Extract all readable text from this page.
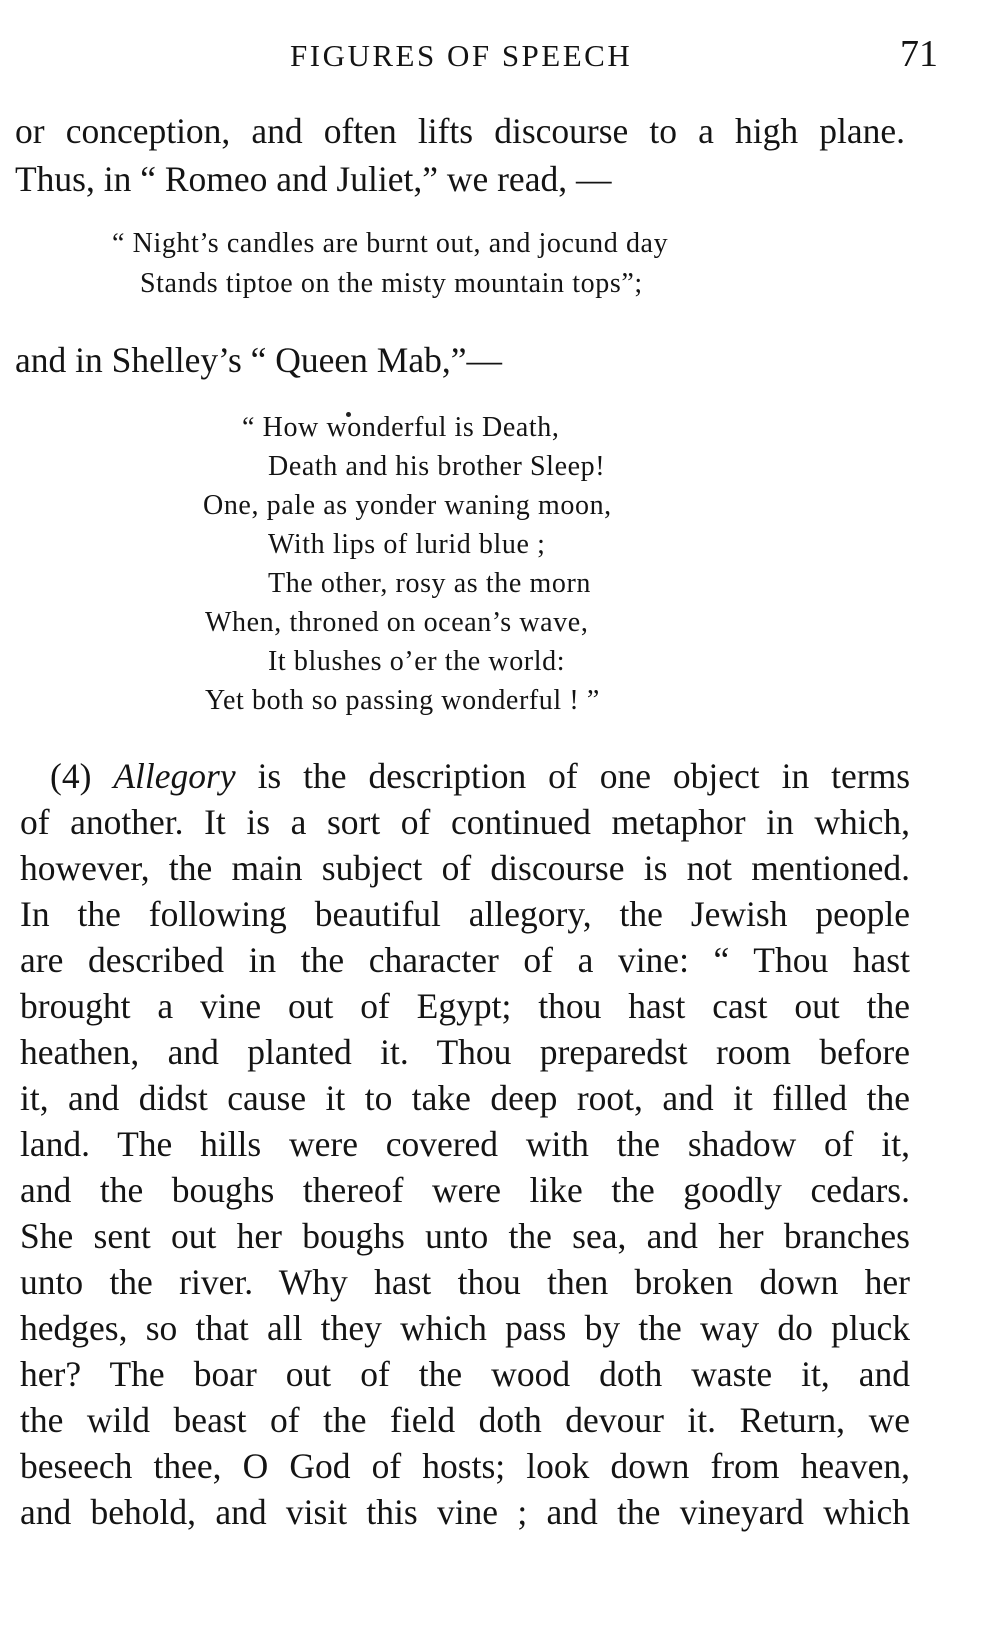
FIGURES OF SPEECH	71
or conception, and often lifts discourse to a high plane.
Thus, in “ Romeo and Juliet,” we read, —
“ Night’s candles are burnt out, and jocund day
Stands tiptoe on the misty mountain tops”;
and in Shelley’s “ Queen Mab,”—
“ How wonderful is Death,
Death and his brother Sleep!
One, pale as yonder waning moon,
With lips of lurid blue ;
The other, rosy as the morn
When, throned on ocean’s wave,
It blushes o’er the world:
Yet both so passing wonderful ! ”
(4) Allegory is the description of one object in terms
of another. It is a sort of continued metaphor in which,
however, the main subject of discourse is not mentioned.
In the following beautiful allegory, the Jewish people
are described in the character of a vine: “ Thou hast
brought a vine out of Egypt; thou hast cast out the
heathen, and planted it. Thou preparedst room before
it, and didst cause it to take deep root, and it filled the
land. The hills were covered with the shadow of it,
and the boughs thereof were like the goodly cedars.
She sent out her boughs unto the sea, and her branches
unto the river. Why hast thou then broken down her
hedges, so that all they which pass by the way do pluck
her? The boar out of the wood doth waste it, and
the wild beast of the field doth devour it. Return, we
beseech thee, O God of hosts; look down from heaven,
and behold, and visit this vine ; and the vineyard which
